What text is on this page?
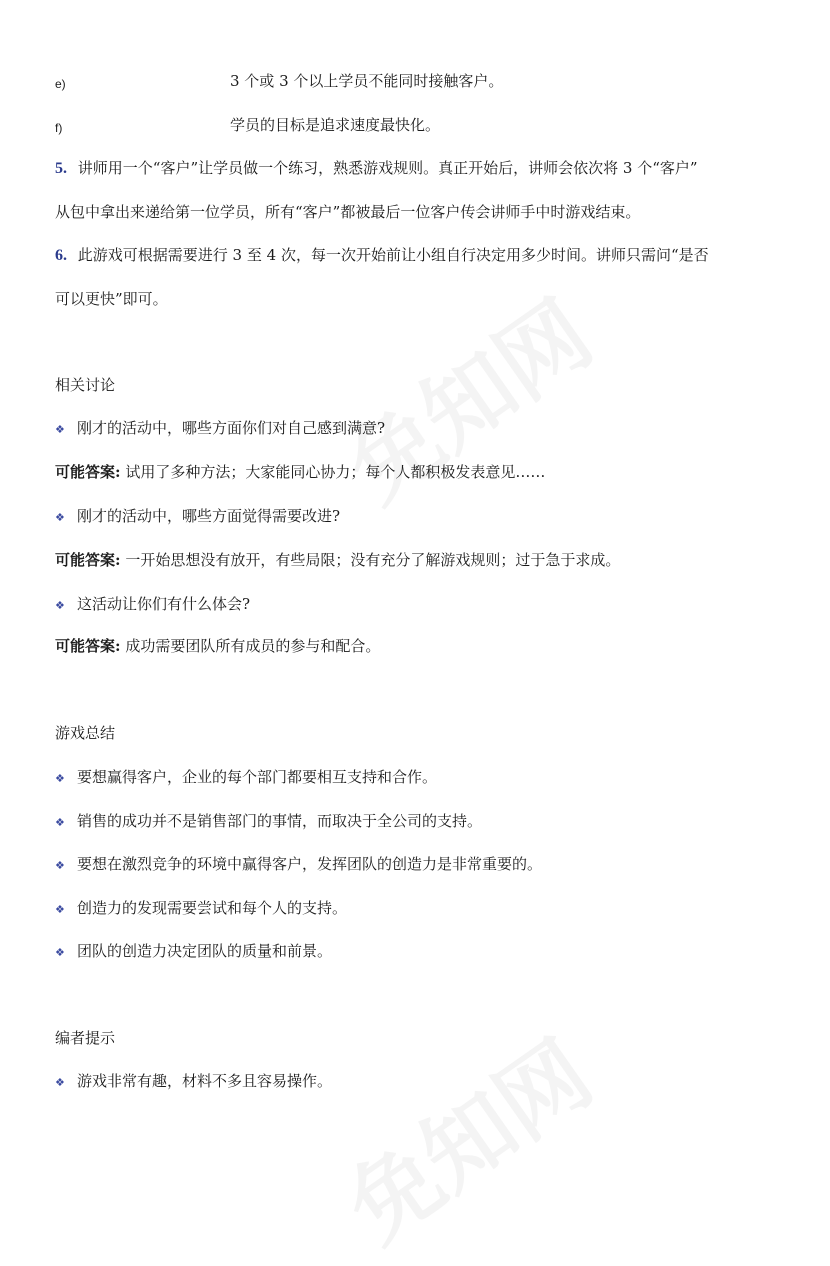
e)	3 个或 3 个以上学员不能同时接触客户。
f)	学员的目标是追求速度最快化。
5. 讲师用一个“客户”让学员做一个练习，熟悉游戏规则。真正开始后，讲师会依次将 3 个“客户”
从包中拿出来递给第一位学员，所有“客户”都被最后一位客户传会讲师手中时游戏结束。
6. 此游戏可根据需要进行 3 至 4 次，每一次开始前让小组自行决定用多少时间。讲师只需问“是否
可以更快”即可。
相关讨论
❖ 刚才的活动中，哪些方面你们对自己感到满意?
可能答案: 试用了多种方法；大家能同心协力；每个人都积极发表意见……
❖ 刚才的活动中，哪些方面觉得需要改进?
可能答案: 一开始思想没有放开，有些局限；没有充分了解游戏规则；过于急于求成。
❖ 这活动让你们有什么体会?
可能答案: 成功需要团队所有成员的参与和配合。
游戏总结
❖ 要想赢得客户，企业的每个部门都要相互支持和合作。
❖ 销售的成功并不是销售部门的事情，而取决于全公司的支持。
❖ 要想在激烈竞争的环境中赢得客户，发挥团队的创造力是非常重要的。
❖ 创造力的发现需要尝试和每个人的支持。
❖ 团队的创造力决定团队的质量和前景。
编者提示
❖ 游戏非常有趣，材料不多且容易操作。
